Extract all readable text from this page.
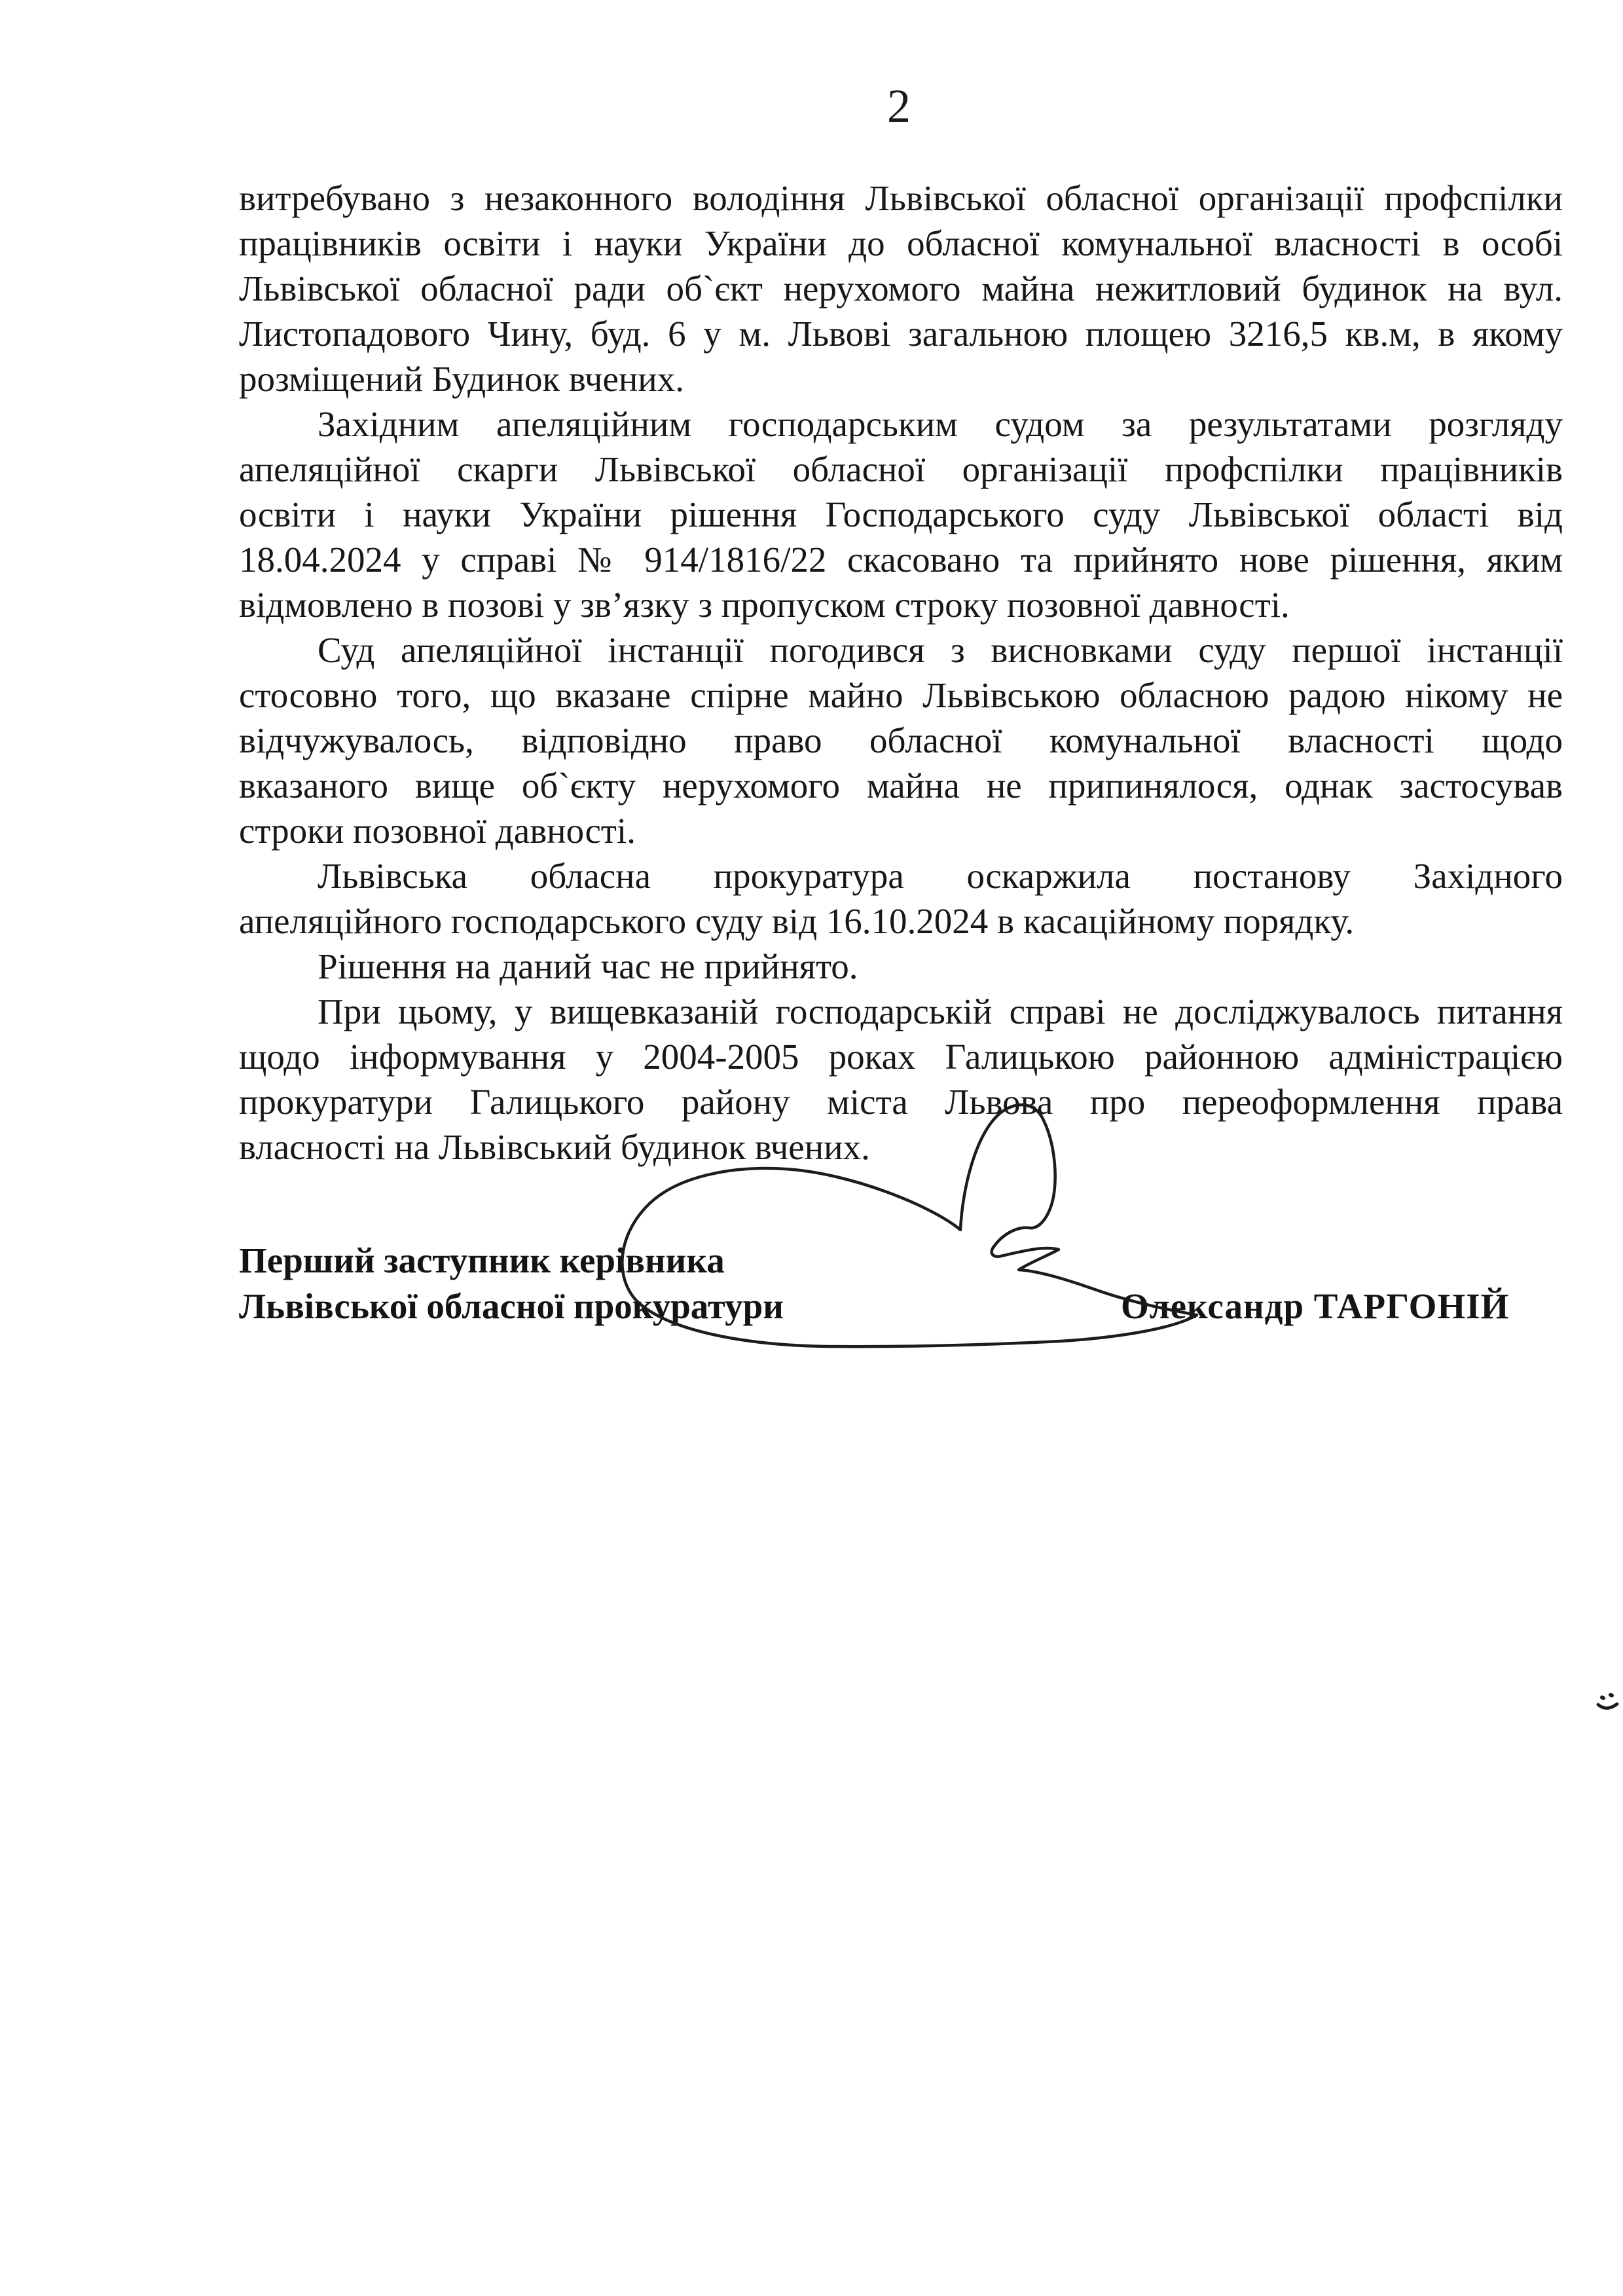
2
витребувано з незаконного володіння Львівської обласної організації профспілки
працівників освіти і науки України до обласної комунальної власності в особі
Львівської обласної ради об`єкт нерухомого майна нежитловий будинок на вул.
Листопадового Чину, буд. 6 у м. Львові загальною площею 3216,5 кв.м, в якому
розміщений Будинок вчених.
Західним апеляційним господарським судом за результатами розгляду
апеляційної скарги Львівської обласної організації профспілки працівників
освіти і науки України рішення Господарського суду Львівської області від
18.04.2024 у справі № 914/1816/22 скасовано та прийнято нове рішення, яким
відмовлено в позові у зв’язку з пропуском строку позовної давності.
Суд апеляційної інстанції погодився з висновками суду першої інстанції
стосовно того, що вказане спірне майно Львівською обласною радою нікому не
відчужувалось, відповідно право обласної комунальної власності щодо
вказаного вище об`єкту нерухомого майна не припинялося, однак застосував
строки позовної давності.
Львівська обласна прокуратура оскаржила постанову Західного
апеляційного господарського суду від 16.10.2024 в касаційному порядку.
Рішення на даний час не прийнято.
При цьому, у вищевказаній господарській справі не досліджувалось питання
щодо інформування у 2004-2005 роках Галицькою районною адміністрацією
прокуратури Галицького району міста Львова про переоформлення права
власності на Львівський будинок вчених.
Перший заступник керівника
Львівської обласної прокуратури	Олександр ТАРГОНІЙ
